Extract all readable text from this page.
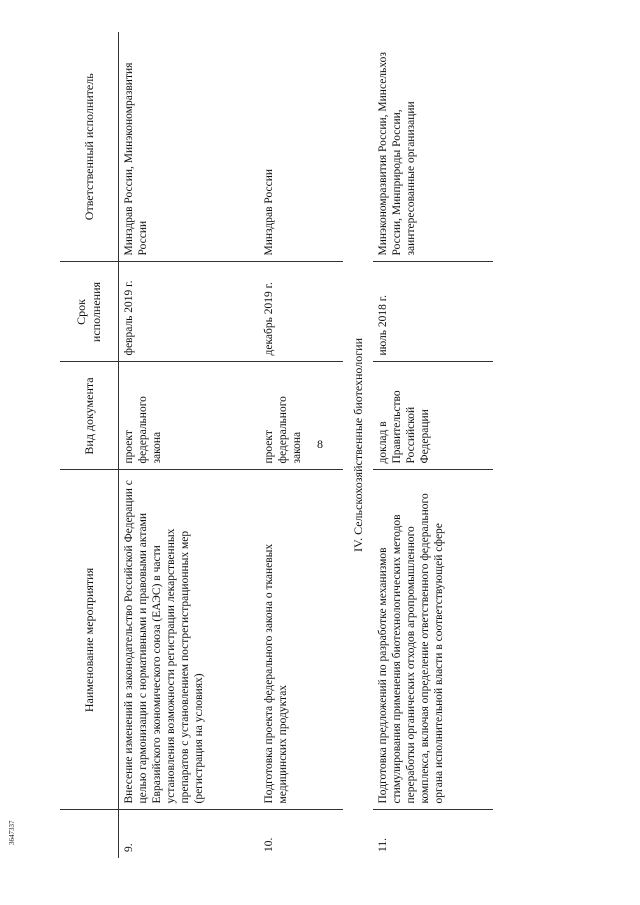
8
	Наименование мероприятия	Вид документа	Срок исполнения	Ответственный исполнитель
9.	Внесение изменений в законодательство Российской Федерации с целью гармонизации с нормативными и правовыми актами Евразийского экономического союза (ЕАЭС) в части установления возможности регистрации лекарственных препаратов с установлением пострегистрационных мер (регистрация на условиях)	проект федерального закона	февраль 2019 г.	Минздрав России, Минэкономразвития России
10.	Подготовка проекта федерального закона о тканевых медицинских продуктах	проект федерального закона	декабрь 2019 г.	Минздрав России
IV. Сельскохозяйственные биотехнологии				
11.	Подготовка предложений по разработке механизмов стимулирования применения биотехнологических методов переработки органических отходов агропромышленного комплекса, включая определение ответственного федерального органа исполнительной власти в соответствующей сфере	доклад в Правительство Российской Федерации	июль 2018 г.	Минэкономразвития России, Минсельхоз России, Минприроды России, заинтересованные организации
3647337
